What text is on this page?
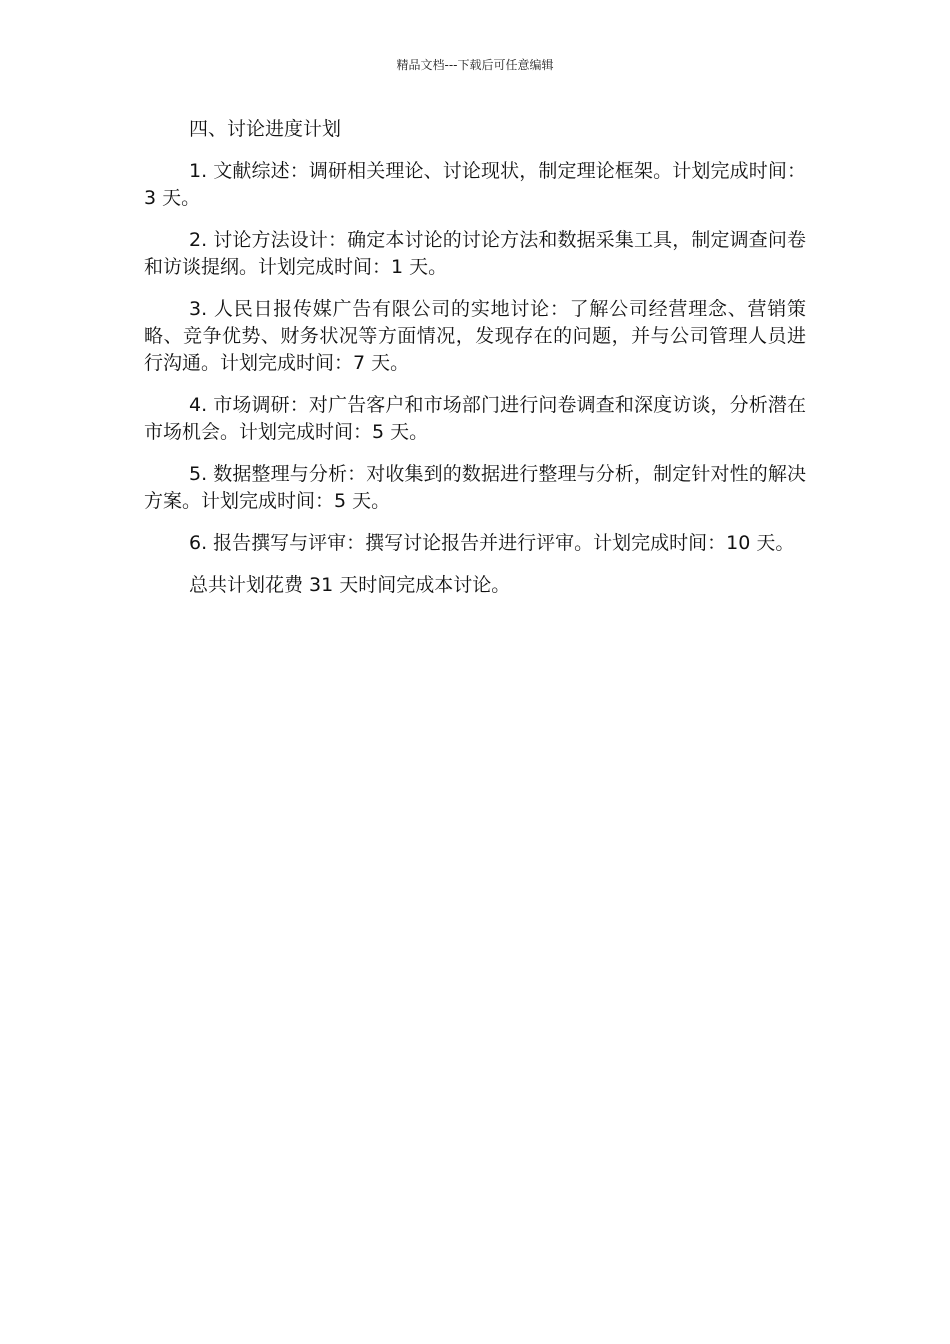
精品文档---下载后可任意编辑

四、讨论进度计划

1. 文献综述：调研相关理论、讨论现状，制定理论框架。计划完成时间：3 天。

2. 讨论方法设计：确定本讨论的讨论方法和数据采集工具，制定调查问卷和访谈提纲。计划完成时间：1 天。

3. 人民日报传媒广告有限公司的实地讨论：了解公司经营理念、营销策略、竞争优势、财务状况等方面情况，发现存在的问题，并与公司管理人员进行沟通。计划完成时间：7 天。

4. 市场调研：对广告客户和市场部门进行问卷调查和深度访谈，分析潜在市场机会。计划完成时间：5 天。

5. 数据整理与分析：对收集到的数据进行整理与分析，制定针对性的解决方案。计划完成时间：5 天。

6. 报告撰写与评审：撰写讨论报告并进行评审。计划完成时间：10 天。

总共计划花费 31 天时间完成本讨论。
